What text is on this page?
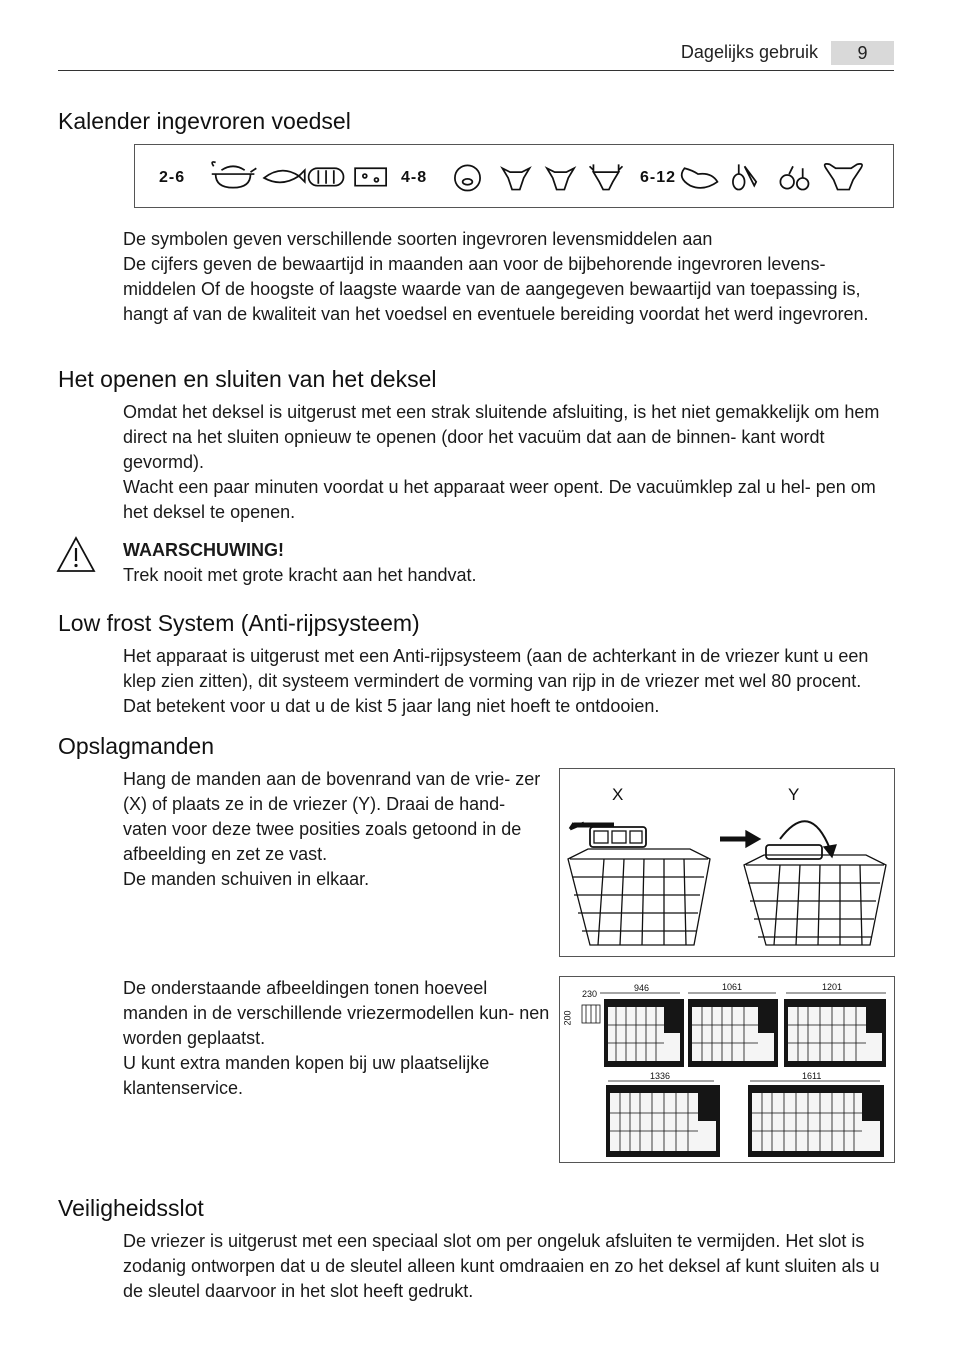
Dagelijks gebruik	9
Kalender ingevroren voedsel
2-6	4-8	6-12

De symbolen geven verschillende soorten ingevroren levensmiddelen aan

De cijfers geven de bewaartijd in maanden aan voor de bijbehorende ingevroren levens- middelen Of de hoogste of laagste waarde van de aangegeven bewaartijd van toepassing is, hangt af van de kwaliteit van het voedsel en eventuele bereiding voordat het werd ingevroren.

Het openen en sluiten van het deksel

Omdat het deksel is uitgerust met een strak sluitende afsluiting, is het niet gemakkelijk om hem direct na het sluiten opnieuw te openen (door het vacuüm dat aan de binnen- kant wordt gevormd).

Wacht een paar minuten voordat u het apparaat weer opent. De vacuümklep zal u hel- pen om het deksel te openen.

WAARSCHUWING!

Trek nooit met grote kracht aan het handvat.

Low frost System (Anti-rijpsysteem)
Het apparaat is uitgerust met een Anti-rijpsysteem (aan de achterkant in de vriezer kunt u een klep zien zitten), dit systeem vermindert de vorming van rijp in de vriezer met wel 80 procent. Dat betekent voor u dat u de kist 5 jaar lang niet hoeft te ontdooien.
Opslagmanden

Hang de manden aan de bovenrand van de vrie- zer (X) of plaats ze in de vriezer (Y). Draai de hand- vaten voor deze twee posities zoals getoond in de afbeelding en zet ze vast.

De manden schuiven in elkaar.

X	Y

De onderstaande afbeeldingen tonen hoeveel manden in de verschillende vriezermodellen kun- nen worden geplaatst.

U kunt extra manden kopen bij uw plaatselijke klantenservice.

230
200
946	1061	1201
1336	1611
Veiligheidsslot
De vriezer is uitgerust met een speciaal slot om per ongeluk afsluiten te vermijden. Het slot is zodanig ontworpen dat u de sleutel alleen kunt omdraaien en zo het deksel af kunt sluiten als u de sleutel daarvoor in het slot heeft gedrukt.
